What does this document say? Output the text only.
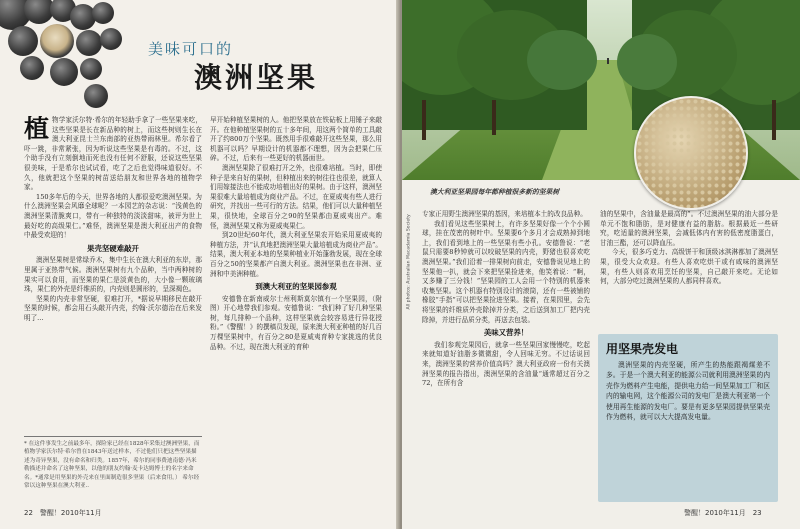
美味可口的
澳洲坚果
植 物学家沃尔特·希尔的年轻助手拿了一些坚果来吃，这些坚果是长在新品种的树上，而这些树则生长在澳大利亚昆士兰东南部的亚热带雨林里。希尔看了吓一跳，非常紧张，因为听说这些坚果是有毒的。不过，这个助手没有立刻倒地而死也没有任何不舒服，还说这些坚果很美味，于是希尔也试试看，吃了之后也觉得味道很好。不久，他就把这个坚果的树苗送给朋友和世界各地的植物学家。

150多年后的今天，世界各地的人都很爱吃澳洲坚果。为什么澳洲坚果会风靡全球呢？一本园艺的杂志说：“浅黄色的澳洲坚果清脆爽口，带有一种独特的淡淡甜味，被评为世上最好吃的高级果仁。”难怪，澳洲坚果是澳大利亚出产的食物中最受欢迎的！

果壳坚硬难敲开

澳洲坚果树是常绿乔木，集中生长在澳大利亚的东岸，那里属于亚热带气候。澳洲坚果树有九个品种，当中两种树的果实可以食用，而坚果的果仁是淡黄色的，大小像一颗玻璃珠，果仁的外壳是纤维质的，内壳则是圆形的，呈深褐色。

坚果的内壳非常坚硬，很难打开，*据说早期移民在敲开坚果的时候，都会用石头敲开内壳，约翰·沃尔德治在后来发明了...

* 在这件事发生之前最多年，探险家已经在1828年采集过澳洲坚果，而植物学家沃尔特·希尔曾在1843年送过样本，不过他们只把这些坚果描述为奇异坚果，没有命名和归类。1857年，希尔的同事费迪南德·冯米勒描述并命名了这种坚果，以他的朋友约翰·麦卡达姆博士的名字来命名。*通常是用坚果的外壳来在里面制造很多坚果（后来食用。） 希尔经常以这种坚果在澳大利亚..

早开始种植坚果树的人。他把坚果放在铁砧板上用锤子来敲开。在他种植坚果树的五十多年间，用这两个简单的工具敲开了约800万个坚果。既然用手很难敲开这些坚果，那么用机器可以吗？早期设计的机器都不理想，因为会把果仁压碎。不过，后来有一些更好的机器面世。

澳洲坚果除了很难打开之外，也很难培植。当时，即使种子是来自好的果树，但种植出来的树往往也很差，就算人们用嫁接法也不能成功培植出好的果树。由于这样，澳洲坚果很难大量培植成为商业产品。不过，在夏威夷有些人进行研究，并找出一些可行的方法。结果，他们可以大量种植坚果，很快地，全球百分之90的坚果都由夏威夷出产。难怪，澳洲坚果又称为夏威夷果仁。

到20世纪60年代，澳大利亚坚果农开始采用夏威夷的种植方法，并“认真地把澳洲坚果大量培植成为商业产品”。结果，澳大利亚本地的坚果种植业开始蓬勃发展，现在全球百分之50的坚果都产自澳大利亚。澳洲坚果也在非洲、亚洲和中美洲种植。

到澳大利亚的坚果园参观

安德鲁在新南威尔士州利斯莫尔镇有一个坚果园，（附图）开心地带我们参观。安德鲁说：“我们种了好几种坚果树，每几排种一个品种，这样坚果就会较容易进行异花授粉。”《警醒！》的撰稿员发现，原来澳大利亚种植的好几百万棵坚果树中，有百分之80是夏威夷育种专家挑选的优良品种。不过，现在澳大利亚的育种

22　警醒！2010年11月
澳大利亚坚果园每年都种植很多新的坚果树
All photos: Australian Macadamia Society

专家正用野生澳洲坚果的基因，来培植本土的改良品种。

我们看见这些坚果树上，有许多坚果好像一个个小圆球，挂在茂密的树叶中。坚果要6个多月才会成熟掉到地上，我们看到地上的一些坚果有些小孔。安德鲁说：“老鼠只需要8秒钟就可以咬破坚果的内壳，野猪也很喜欢吃澳洲坚果。”我们沿着一排果树向前走，安德鲁说见地上的坚果他一扒，就会下来把坚果捡进来，他笑着说：“啊，又多赚了三分钱！”坚果园的工人会用一个特别的机器来收集坚果。这个机器有特别设计的滚筒，还有一些被铺的橡胶“手指”可以把坚果捡进坚果。接着，在果园里，会先将坚果的纤维质外壳除掉并分类，之后送到加工厂把内壳除掉，并进行品质分类，再送去包装。

美味又营养！

我们参观完果园后，就拿一些坚果回家慢慢吃，吃起来就知道好油脂多微微甜，令人回味无穷。不过话说回来，澳洲坚果的营养价值高吗？澳大利亚政府一份有关澳洲坚果的报告指出，澳洲坚果的含油量“通常超过百分之72，在所有含

油的坚果中，含油量是最高的”。不过澳洲坚果的油大部分是单元不饱和脂肪，是对健康有益的脂肪。根据最近一些研究，吃适量的澳洲坚果，会减低体内有害的低密度脂蛋白，甘油三酯，还可以降血压。

今天，很多巧克力、高级饼干和顶级冰淇淋都加了澳洲坚果，很受大众欢迎。有些人喜欢吃烘干或有咸味的澳洲坚果，有些人则喜欢用烹饪的坚果，自己敲开来吃。无论如何，大部分吃过澳洲坚果的人都同样喜欢。

用坚果壳发电
澳洲坚果的内壳坚硬，所产生的热能跟褐煤差不多。于是一个澳大利亚的能源公司就利用澳洲坚果的内壳作为燃料产生电能，提供电力给一间坚果加工厂和区内的输电网，这个能源公司的发电厂是澳大利亚第一个使用再生能源的发电厂。要是有更多坚果园提供坚果壳作为燃料，就可以大大提高发电量。
警醒！2010年11月　23
